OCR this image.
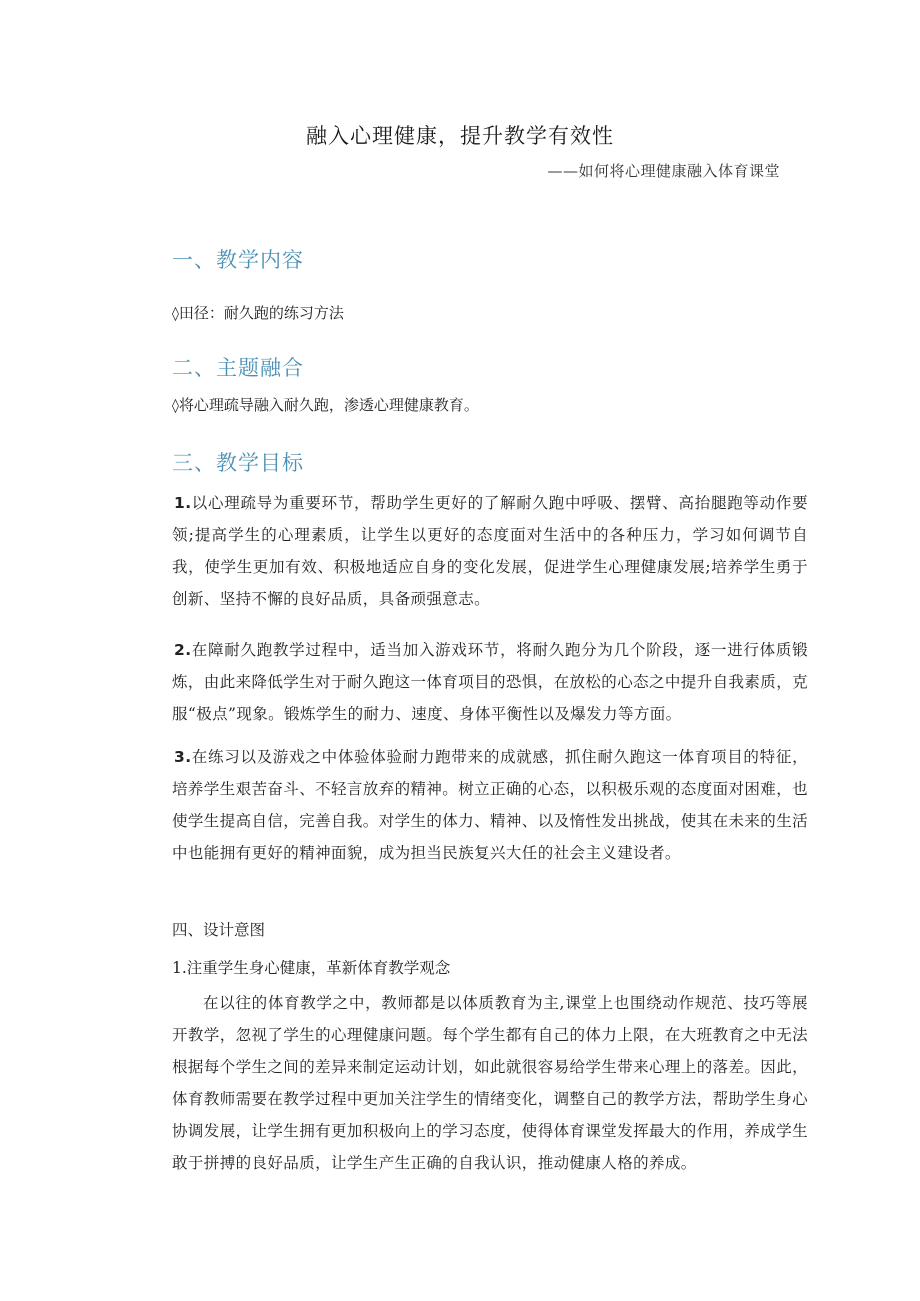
融入心理健康，提升教学有效性
——如何将心理健康融入体育课堂
一、教学内容
◊田径：耐久跑的练习方法
二、主题融合
◊将心理疏导融入耐久跑，渗透心理健康教育。
三、教学目标
1.以心理疏导为重要环节，帮助学生更好的了解耐久跑中呼吸、摆臂、高抬腿跑等动作要领;提高学生的心理素质，让学生以更好的态度面对生活中的各种压力，学习如何调节自我，使学生更加有效、积极地适应自身的变化发展，促进学生心理健康发展;培养学生勇于创新、坚持不懈的良好品质，具备顽强意志。
2.在障耐久跑教学过程中，适当加入游戏环节，将耐久跑分为几个阶段，逐一进行体质锻炼，由此来降低学生对于耐久跑这一体育项目的恐惧，在放松的心态之中提升自我素质，克服“极点”现象。锻炼学生的耐力、速度、身体平衡性以及爆发力等方面。
3.在练习以及游戏之中体验体验耐力跑带来的成就感，抓住耐久跑这一体育项目的特征，培养学生艰苦奋斗、不轻言放弃的精神。树立正确的心态，以积极乐观的态度面对困难，也使学生提高自信，完善自我。对学生的体力、精神、以及惰性发出挑战，使其在未来的生活中也能拥有更好的精神面貌，成为担当民族复兴大任的社会主义建设者。
四、设计意图
1.注重学生身心健康，革新体育教学观念
在以往的体育教学之中，教师都是以体质教育为主,课堂上也围绕动作规范、技巧等展开教学，忽视了学生的心理健康问题。每个学生都有自己的体力上限，在大班教育之中无法根据每个学生之间的差异来制定运动计划，如此就很容易给学生带来心理上的落差。因此，体育教师需要在教学过程中更加关注学生的情绪变化，调整自己的教学方法，帮助学生身心协调发展，让学生拥有更加积极向上的学习态度，使得体育课堂发挥最大的作用，养成学生敢于拼搏的良好品质，让学生产生正确的自我认识，推动健康人格的养成。
